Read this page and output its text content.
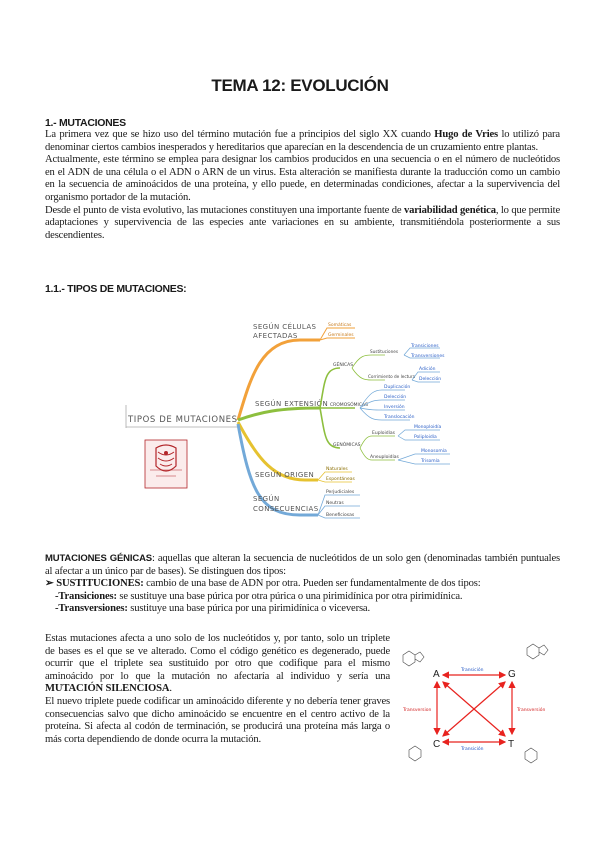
TEMA 12: EVOLUCIÓN
1.- MUTACIONES

La primera vez que se hizo uso del término mutación fue a principios del siglo XX cuando Hugo de Vries lo utilizó para denominar ciertos cambios inesperados y hereditarios que aparecían en la descendencia de un cruzamiento entre plantas.

Actualmente, este término se emplea para designar los cambios producidos en una secuencia o en el número de nucleótidos en el ADN de una célula o el ADN o ARN de un virus. Esta alteración se manifiesta durante la traducción como un cambio en la secuencia de aminoácidos de una proteína, y ello puede, en determinadas condiciones, afectar a la supervivencia del organismo portador de la mutación.

Desde el punto de vista evolutivo, las mutaciones constituyen una importante fuente de variabilidad genética, lo que permite adaptaciones y supervivencia de las especies ante variaciones en su ambiente, transmitiéndola posteriormente a sus descendientes.

1.1.- TIPOS DE MUTACIONES:
TIPOS DE MUTACIONES
SEGÚN CÉLULAS
AFECTADAS
Somáticas
Germinales
SEGÚN EXTENSIÓN
GÉNICAS
Sustituciones
Corrimiento de lectura
Transiciones
Transversiones
Adición
Delección
CROMOSÓMICAS
Duplicación
Delección
Inversión
Translocación
GENÓMICAS
Euploidías
Aneuploidías
Monoploidía
Poliploidía
Monosomía
Trisomía
SEGÚN ORIGEN
Naturales
Espontáneas
SEGÚN
CONSECUENCIAS
Perjudiciales
Neutras
Beneficiosas

MUTACIONES GÉNICAS: aquellas que alteran la secuencia de nucleótidos de un solo gen (denominadas también puntuales al afectar a un único par de bases). Se distinguen dos tipos:

➢ SUSTITUCIONES: cambio de una base de ADN por otra. Pueden ser fundamentalmente de dos tipos:

-Transiciones: se sustituye una base púrica por otra púrica o una pirimidínica por otra pirimidínica.

-Transversiones: sustituye una base púrica por una pirimidínica o viceversa.

Estas mutaciones afecta a uno solo de los nucleótidos y, por tanto, solo un triplete de bases es el que se ve alterado. Como el código genético es degenerado, puede ocurrir que el triplete sea sustituido por otro que codifique para el mismo aminoácido por lo que la mutación no afectaría al individuo y sería una MUTACIÓN SILENCIOSA.

El nuevo triplete puede codificar un aminoácido diferente y no debería tener graves consecuencias salvo que dicho aminoácido se encuentre en el centro activo de la proteína. Si afecta al codón de terminación, se producirá una proteína más larga o más corta dependiendo de donde ocurra la mutación.

A	G
C	T
Transición
Transición
Transversion	Transversión
